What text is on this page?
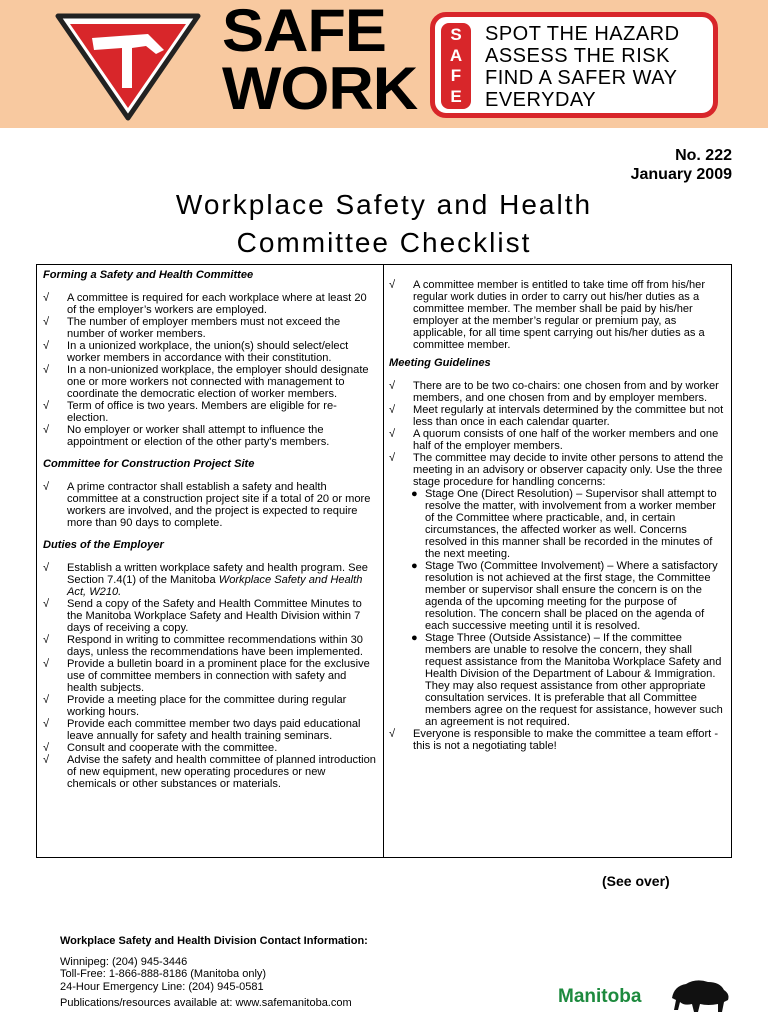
SAFE
WORK
S
A
F
E
SPOT THE HAZARD
ASSESS THE RISK
FIND A SAFER WAY
EVERYDAY
No. 222
January 2009
Workplace Safety and Health
Committee Checklist

Forming a Safety and Health Committee

√ A committee is required for each workplace where at least 20 of the employer’s workers are employed.

√ The number of employer members must not exceed the number of worker members.

√ In a unionized workplace, the union(s) should select/elect worker members in accordance with their constitution.

√ In a non-unionized workplace, the employer should designate one or more workers not connected with management to coordinate the democratic election of worker members.

√ Term of office is two years. Members are eligible for re-election.

√ No employer or worker shall attempt to influence the appointment or election of the other party's members.

Committee for Construction Project Site

√ A prime contractor shall establish a safety and health committee at a construction project site if a total of 20 or more workers are involved, and the project is expected to require more than 90 days to complete.

Duties of the Employer

√ Establish a written workplace safety and health program. See Section 7.4(1) of the Manitoba Workplace Safety and Health Act, W210.

√ Send a copy of the Safety and Health Committee Minutes to the Manitoba Workplace Safety and Health Division within 7 days of receiving a copy.

√ Respond in writing to committee recommendations within 30 days, unless the recommendations have been implemented.

√ Provide a bulletin board in a prominent place for the exclusive use of committee members in connection with safety and health subjects.

√ Provide a meeting place for the committee during regular working hours.

√ Provide each committee member two days paid educational leave annually for safety and health training seminars.

√ Consult and cooperate with the committee.

√ Advise the safety and health committee of planned introduction of new equipment, new operating procedures or new chemicals or other substances or materials.

√ A committee member is entitled to take time off from his/her regular work duties in order to carry out his/her duties as a committee member. The member shall be paid by his/her employer at the member’s regular or premium pay, as applicable, for all time spent carrying out his/her duties as a committee member.

Meeting Guidelines

√ There are to be two co-chairs: one chosen from and by worker members, and one chosen from and by employer members.

√ Meet regularly at intervals determined by the committee but not less than once in each calendar quarter.

√ A quorum consists of one half of the worker members and one half of the employer members.

√ The committee may decide to invite other persons to attend the meeting in an advisory or observer capacity only. Use the three stage procedure for handling concerns:

● Stage One (Direct Resolution) – Supervisor shall attempt to resolve the matter, with involvement from a worker member of the Committee where practicable, and, in certain circumstances, the affected worker as well. Concerns resolved in this manner shall be recorded in the minutes of the next meeting.

● Stage Two (Committee Involvement) – Where a satisfactory resolution is not achieved at the first stage, the Committee member or supervisor shall ensure the concern is on the agenda of the upcoming meeting for the purpose of resolution. The concern shall be placed on the agenda of each successive meeting until it is resolved.

● Stage Three (Outside Assistance) – If the committee members are unable to resolve the concern, they shall request assistance from the Manitoba Workplace Safety and Health Division of the Department of Labour & Immigration. They may also request assistance from other appropriate consultation services. It is preferable that all Committee members agree on the request for assistance, however such an agreement is not required.

√ Everyone is responsible to make the committee a team effort - this is not a negotiating table!

(See over)
Workplace Safety and Health Division Contact Information:
Winnipeg: (204) 945-3446
Toll-Free: 1-866-888-8186 (Manitoba only)
24-Hour Emergency Line: (204) 945-0581
Publications/resources available at: www.safemanitoba.com	Manitoba
